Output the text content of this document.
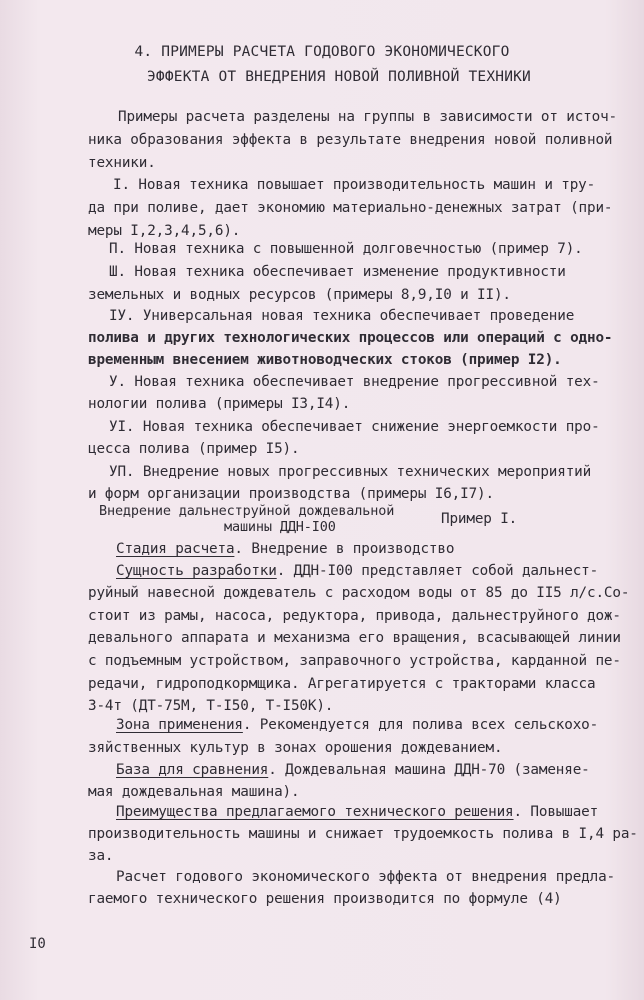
4. ПРИМЕРЫ РАСЧЕТА ГОДОВОГО ЭКОНОМИЧЕСКОГО
ЭФФЕКТА ОТ ВНЕДРЕНИЯ НОВОЙ ПОЛИВНОЙ ТЕХНИКИ
Примеры расчета разделены на группы в зависимости от источ-
ника образования эффекта в результате внедрения новой поливной
техники.
I. Новая техника повышает производительность машин и тру-
да при поливе, дает экономию материально-денежных затрат (при-
меры I,2,3,4,5,6).
П. Новая техника с повышенной долговечностью (пример 7).
Ш. Новая техника обеспечивает изменение продуктивности
земельных и водных ресурсов (примеры 8,9,I0 и II).
IУ. Универсальная новая техника обеспечивает проведение
полива и других технологических процессов или операций с одно-
временным внесением животноводческих стоков (пример I2).
У. Новая техника обеспечивает внедрение прогрессивной тех-
нологии полива (примеры I3,I4).
УI. Новая техника обеспечивает снижение энергоемкости про-
цесса полива (пример I5).
УП. Внедрение новых прогрессивных технических мероприятий
и форм организации производства (примеры I6,I7).
Внедрение дальнеструйной дождевальной
машины ДДН-I00	Пример I.
Стадия расчета. Внедрение в производство
Сущность разработки. ДДН-I00 представляет собой дальнест-
руйный навесной дождеватель с расходом воды от 85 до II5 л/с.Со-
стоит из рамы, насоса, редуктора, привода, дальнеструйного дож-
девального аппарата и механизма его вращения, всасывающей линии
с подъемным устройством, заправочного устройства, карданной пе-
редачи, гидроподкормщика. Агрегатируется с тракторами класса
3-4т (ДТ-75М, Т-I50, Т-I50К).
Зона применения. Рекомендуется для полива всех сельскохо-
зяйственных культур в зонах орошения дождеванием.
База для сравнения. Дождевальная машина ДДН-70 (заменяе-
мая дождевальная машина).
Преимущества предлагаемого технического решения. Повышает
производительность машины и снижает трудоемкость полива в I,4 ра-
за.
Расчет годового экономического эффекта от внедрения предла-
гаемого технического решения производится по формуле (4)
I0
